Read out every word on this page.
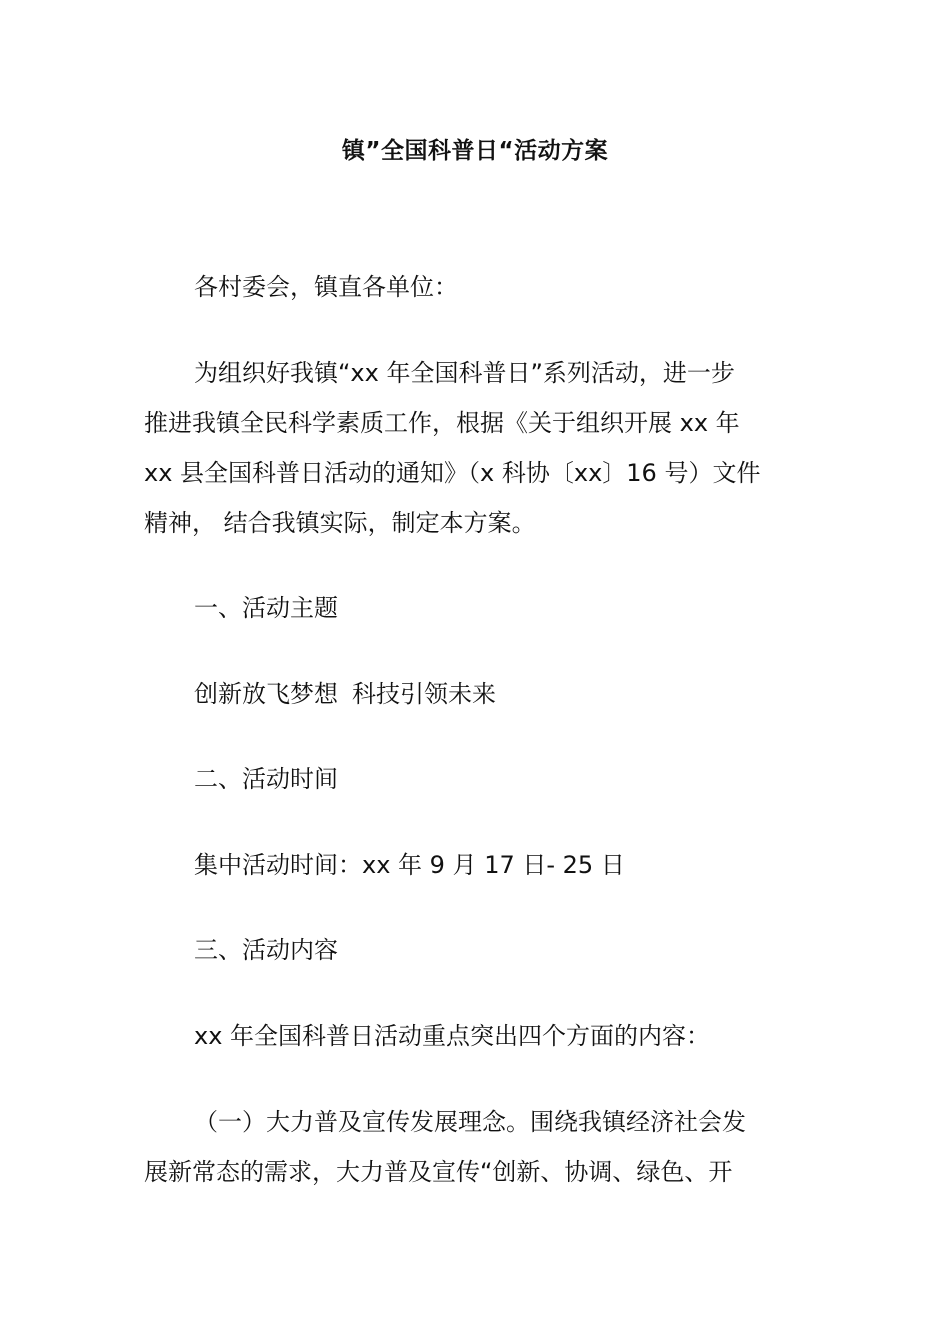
镇”全国科普日“活动方案
各村委会，镇直各单位：
为组织好我镇“xx 年全国科普日”系列活动，进一步
推进我镇全民科学素质工作，根据《关于组织开展 xx 年
xx 县全国科普日活动的通知》（x 科协〔xx〕16 号）文件
精神， 结合我镇实际，制定本方案。
一、活动主题
创新放飞梦想 科技引领未来
二、活动时间
集中活动时间：xx 年 9 月 17 日- 25 日
三、活动内容
xx 年全国科普日活动重点突出四个方面的内容：
（一）大力普及宣传发展理念。围绕我镇经济社会发
展新常态的需求，大力普及宣传“创新、协调、绿色、开
